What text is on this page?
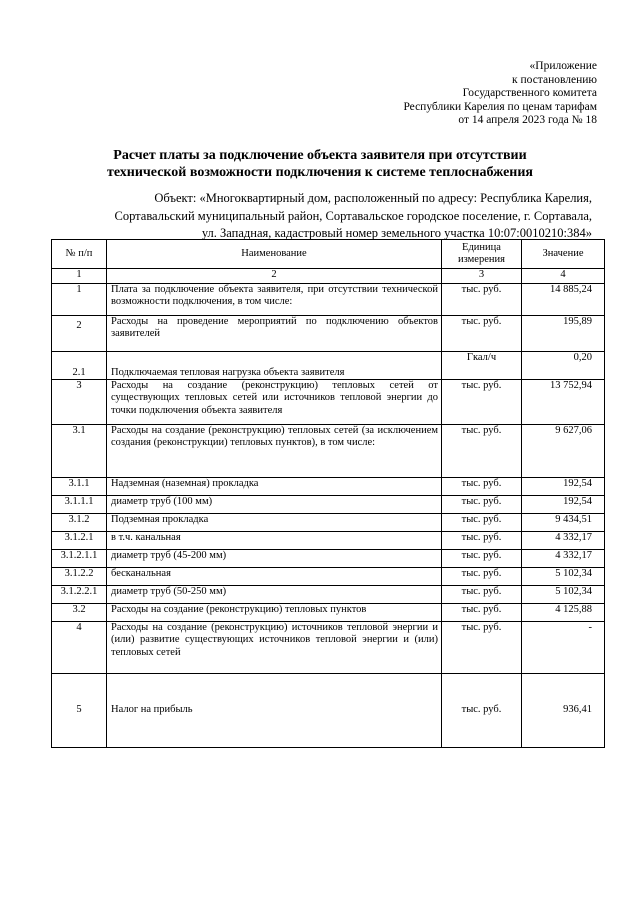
«Приложение
к постановлению
Государственного комитета
Республики Карелия по ценам тарифам
от 14 апреля 2023 года № 18
Расчет платы за подключение объекта заявителя при отсутствии
технической возможности подключения к системе теплоснабжения
Объект: «Многоквартирный дом, расположенный по адресу: Республика Карелия,
Сортавальский муниципальный район, Сортавальское городское поселение, г. Сортавала,
ул. Западная, кадастровый номер земельного участка 10:07:0010210:384»
№ п/п	Наименование	Единица измерения	Значение
1	2	3	4
1	Плата за подключение объекта заявителя, при отсутствии технической возможности подключения, в том числе:	тыс. руб.	14 885,24
2	Расходы на проведение мероприятий по подключению объектов заявителей	тыс. руб.	195,89
2.1	Подключаемая тепловая нагрузка объекта заявителя	Гкал/ч	0,20
3	Расходы на создание (реконструкцию) тепловых сетей от существующих тепловых сетей или источников тепловой энергии до точки подключения объекта заявителя	тыс. руб.	13 752,94
3.1	Расходы на создание (реконструкцию) тепловых сетей (за исключением создания (реконструкции) тепловых пунктов), в том числе:	тыс. руб.	9 627,06
3.1.1	Надземная (наземная) прокладка	тыс. руб.	192,54
3.1.1.1	диаметр труб (100 мм)	тыс. руб.	192,54
3.1.2	Подземная прокладка	тыс. руб.	9 434,51
3.1.2.1	в т.ч. канальная	тыс. руб.	4 332,17
3.1.2.1.1	диаметр труб (45-200 мм)	тыс. руб.	4 332,17
3.1.2.2	бесканальная	тыс. руб.	5 102,34
3.1.2.2.1	диаметр труб (50-250 мм)	тыс. руб.	5 102,34
3.2	Расходы на создание (реконструкцию) тепловых пунктов	тыс. руб.	4 125,88
4	Расходы на создание (реконструкцию) источников тепловой энергии и (или) развитие существующих источников тепловой энергии и (или) тепловых сетей	тыс. руб.	-
5	Налог на прибыль	тыс. руб.	936,41
